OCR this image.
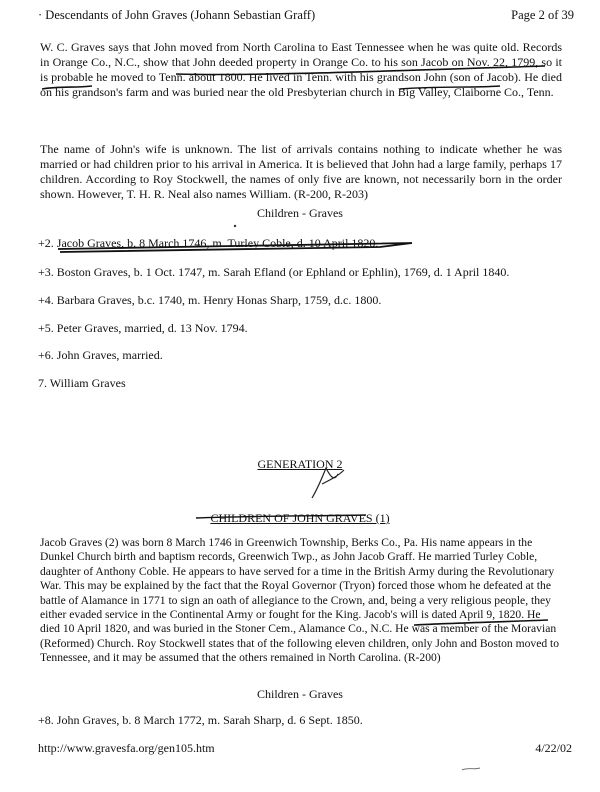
· Descendants of John Graves (Johann Sebastian Graff)	Page 2 of 39
W. C. Graves says that John moved from North Carolina to East Tennessee when he was quite old. Records in Orange Co., N.C., show that John deeded property in Orange Co. to his son Jacob on Nov. 22, 1799, so it is probable he moved to Tenn. about 1800. He lived in Tenn. with his grandson John (son of Jacob). He died on his grandson's farm and was buried near the old Presbyterian church in Big Valley, Claiborne Co., Tenn.
The name of John's wife is unknown. The list of arrivals contains nothing to indicate whether he was married or had children prior to his arrival in America. It is believed that John had a large family, perhaps 17 children. According to Roy Stockwell, the names of only five are known, not necessarily born in the order shown. However, T. H. R. Neal also names William. (R-200, R-203)
Children - Graves
+2. Jacob Graves, b. 8 March 1746, m. Turley Coble, d. 10 April 1820.
+3. Boston Graves, b. 1 Oct. 1747, m. Sarah Efland (or Ephland or Ephlin), 1769, d. 1 April 1840.
+4. Barbara Graves, b.c. 1740, m. Henry Honas Sharp, 1759, d.c. 1800.
+5. Peter Graves, married, d. 13 Nov. 1794.
+6. John Graves, married.
7. William Graves
GENERATION 2
CHILDREN OF JOHN GRAVES (1)
Jacob Graves (2) was born 8 March 1746 in Greenwich Township, Berks Co., Pa. His name appears in the Dunkel Church birth and baptism records, Greenwich Twp., as John Jacob Graff. He married Turley Coble, daughter of Anthony Coble. He appears to have served for a time in the British Army during the Revolutionary War. This may be explained by the fact that the Royal Governor (Tryon) forced those whom he defeated at the battle of Alamance in 1771 to sign an oath of allegiance to the Crown, and, being a very religious people, they either evaded service in the Continental Army or fought for the King. Jacob's will is dated April 9, 1820. He died 10 April 1820, and was buried in the Stoner Cem., Alamance Co., N.C. He was a member of the Moravian (Reformed) Church. Roy Stockwell states that of the following eleven children, only John and Boston moved to Tennessee, and it may be assumed that the others remained in North Carolina. (R-200)
Children - Graves
+8. John Graves, b. 8 March 1772, m. Sarah Sharp, d. 6 Sept. 1850.
http://www.gravesfa.org/gen105.htm	4/22/02
